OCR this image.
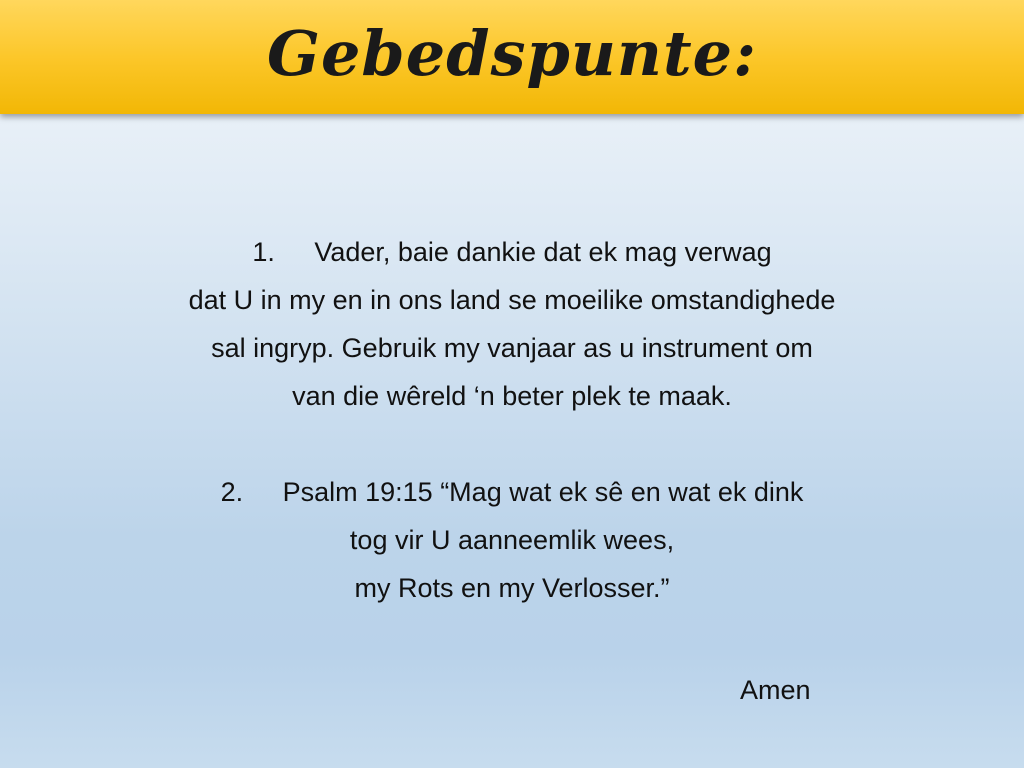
Gebedspunte:
1. Vader, baie dankie dat ek mag verwag
dat U in my en in ons land se moeilike omstandighede
sal ingryp. Gebruik my vanjaar as u instrument om
van die wêreld ‘n beter plek te maak.
2. Psalm 19:15 “Mag wat ek sê en wat ek dink
tog vir U aanneemlik wees,
my Rots en my Verlosser.”
Amen
